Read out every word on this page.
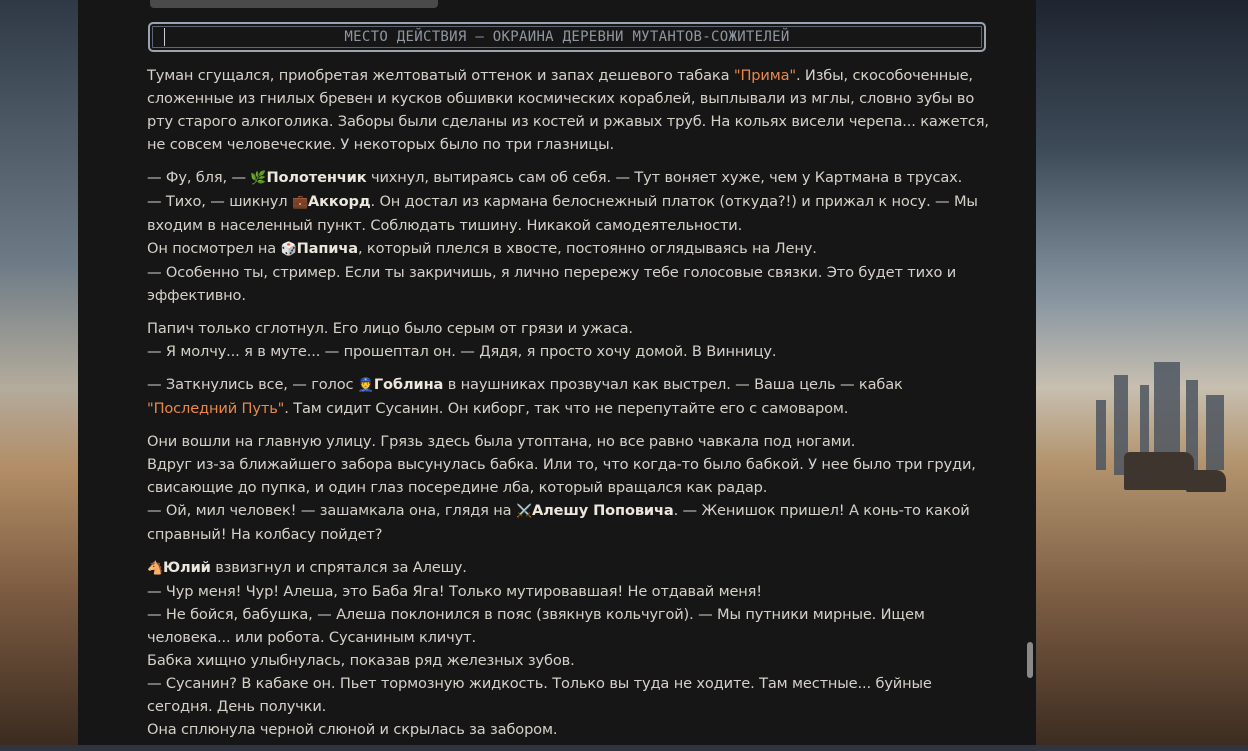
МЕСТО ДЕЙСТВИЯ — ОКРАИНА ДЕРЕВНИ МУТАНТОВ-СОЖИТЕЛЕЙ

Туман сгущался, приобретая желтоватый оттенок и запах дешевого табака "Прима". Избы, скособоченные, сложенные из гнилых бревен и кусков обшивки космических кораблей, выплывали из мглы, словно зубы во рту старого алкоголика. Заборы были сделаны из костей и ржавых труб. На кольях висели черепа... кажется, не совсем человеческие. У некоторых было по три глазницы.

— Фу, бля, — 🌿Полотенчик чихнул, вытираясь сам об себя. — Тут воняет хуже, чем у Картмана в трусах.
— Тихо, — шикнул 💼Аккорд. Он достал из кармана белоснежный платок (откуда?!) и прижал к носу. — Мы входим в населенный пункт. Соблюдать тишину. Никакой самодеятельности.
Он посмотрел на 🎲Папича, который плелся в хвосте, постоянно оглядываясь на Лену.
— Особенно ты, стример. Если ты закричишь, я лично перережу тебе голосовые связки. Это будет тихо и эффективно.

Папич только сглотнул. Его лицо было серым от грязи и ужаса.
— Я молчу... я в муте... — прошептал он. — Дядя, я просто хочу домой. В Винницу.

— Заткнулись все, — голос 👮Гоблина в наушниках прозвучал как выстрел. — Ваша цель — кабак "Последний Путь". Там сидит Сусанин. Он киборг, так что не перепутайте его с самоваром.

Они вошли на главную улицу. Грязь здесь была утоптана, но все равно чавкала под ногами.
Вдруг из-за ближайшего забора высунулась бабка. Или то, что когда-то было бабкой. У нее было три груди, свисающие до пупка, и один глаз посередине лба, который вращался как радар.
— Ой, мил человек! — зашамкала она, глядя на ⚔️Алешу Поповича. — Женишок пришел! А конь-то какой справный! На колбасу пойдет?

🐴Юлий взвизгнул и спрятался за Алешу.
— Чур меня! Чур! Алеша, это Баба Яга! Только мутировавшая! Не отдавай меня!
— Не бойся, бабушка, — Алеша поклонился в пояс (звякнув кольчугой). — Мы путники мирные. Ищем человека... или робота. Сусаниным кличут.
Бабка хищно улыбнулась, показав ряд железных зубов.
— Сусанин? В кабаке он. Пьет тормозную жидкость. Только вы туда не ходите. Там местные... буйные сегодня. День получки.
Она сплюнула черной слюной и скрылась за забором.
